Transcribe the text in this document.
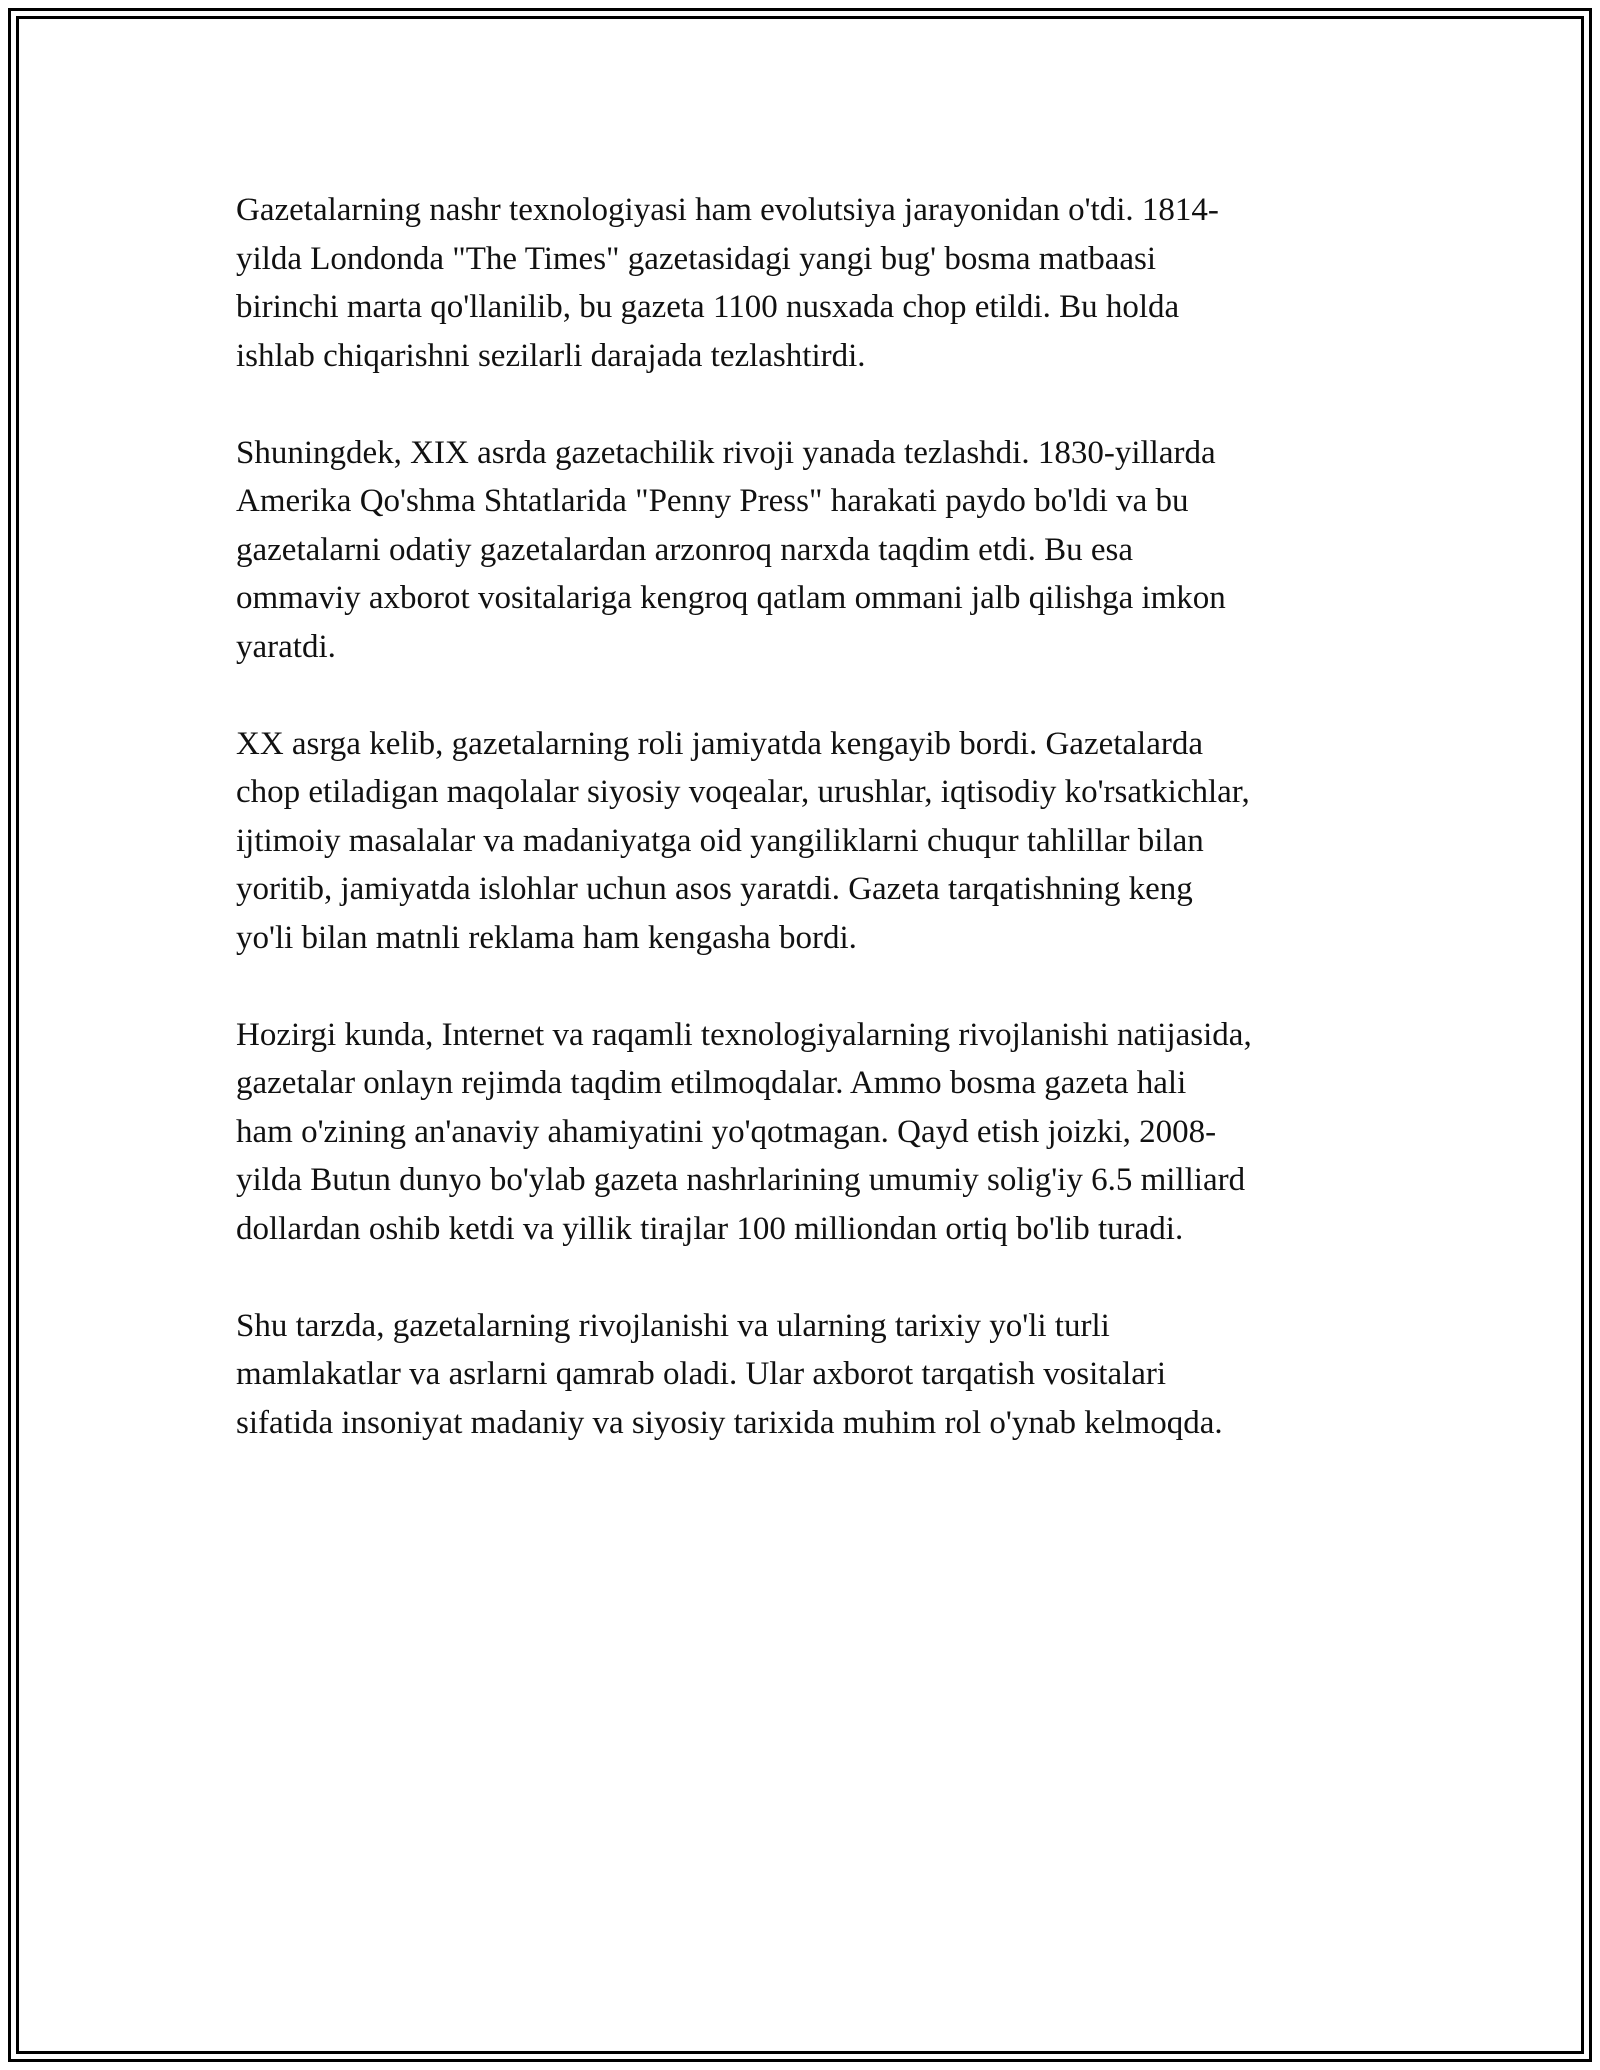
Gazetalarning nashr texnologiyasi ham evolutsiya jarayonidan o'tdi. 1814-
yilda Londonda "The Times" gazetasidagi yangi bug' bosma matbaasi
birinchi marta qo'llanilib, bu gazeta 1100 nusxada chop etildi. Bu holda
ishlab chiqarishni sezilarli darajada tezlashtirdi.

Shuningdek, XIX asrda gazetachilik rivoji yanada tezlashdi. 1830-yillarda
Amerika Qo'shma Shtatlarida "Penny Press" harakati paydo bo'ldi va bu
gazetalarni odatiy gazetalardan arzonroq narxda taqdim etdi. Bu esa
ommaviy axborot vositalariga kengroq qatlam ommani jalb qilishga imkon
yaratdi.

XX asrga kelib, gazetalarning roli jamiyatda kengayib bordi. Gazetalarda
chop etiladigan maqolalar siyosiy voqealar, urushlar, iqtisodiy ko'rsatkichlar,
ijtimoiy masalalar va madaniyatga oid yangiliklarni chuqur tahlillar bilan
yoritib, jamiyatda islohlar uchun asos yaratdi. Gazeta tarqatishning keng
yo'li bilan matnli reklama ham kengasha bordi.

Hozirgi kunda, Internet va raqamli texnologiyalarning rivojlanishi natijasida,
gazetalar onlayn rejimda taqdim etilmoqdalar. Ammo bosma gazeta hali
ham o'zining an'anaviy ahamiyatini yo'qotmagan. Qayd etish joizki, 2008-
yilda Butun dunyo bo'ylab gazeta nashrlarining umumiy solig'iy 6.5 milliard
dollardan oshib ketdi va yillik tirajlar 100 milliondan ortiq bo'lib turadi.

Shu tarzda, gazetalarning rivojlanishi va ularning tarixiy yo'li turli
mamlakatlar va asrlarni qamrab oladi. Ular axborot tarqatish vositalari
sifatida insoniyat madaniy va siyosiy tarixida muhim rol o'ynab kelmoqda.
